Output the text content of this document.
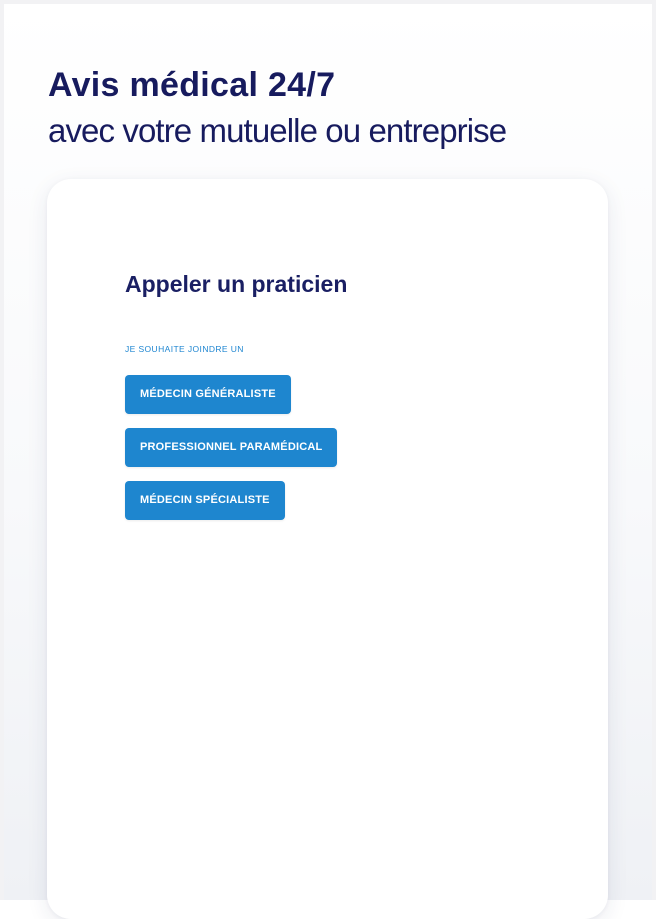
Avis médical 24/7
avec votre mutuelle ou entreprise
Appeler un praticien
JE SOUHAITE JOINDRE UN
MÉDECIN GÉNÉRALISTE
PROFESSIONNEL PARAMÉDICAL
MÉDECIN SPÉCIALISTE
